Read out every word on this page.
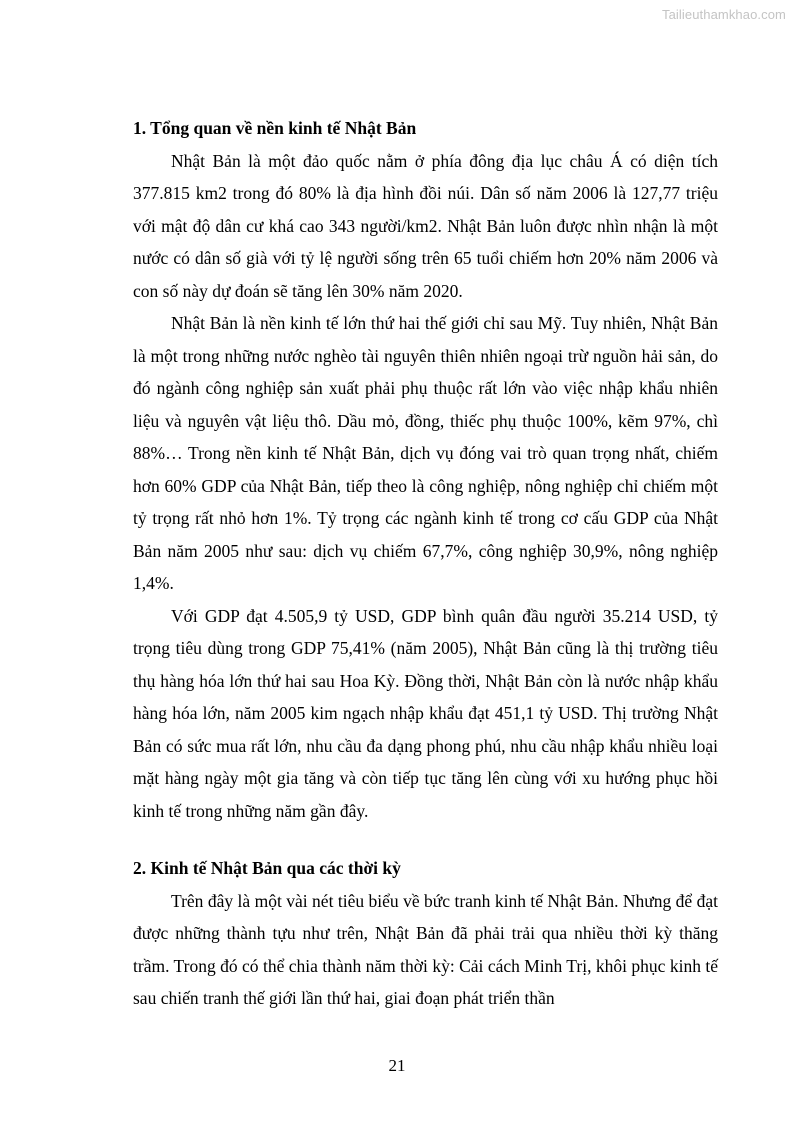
Tailieuthamkhao.com
1. Tổng quan về nền kinh tế Nhật Bản

Nhật Bản là một đảo quốc nằm ở phía đông địa lục châu Á có diện tích 377.815 km2 trong đó 80% là địa hình đồi núi. Dân số năm 2006 là 127,77 triệu với mật độ dân cư khá cao 343 người/km2. Nhật Bản luôn được nhìn nhận là một nước có dân số già với tỷ lệ người sống trên 65 tuổi chiếm hơn 20% năm 2006 và con số này dự đoán sẽ tăng lên 30% năm 2020.

Nhật Bản là nền kinh tế lớn thứ hai thế giới chỉ sau Mỹ. Tuy nhiên, Nhật Bản là một trong những nước nghèo tài nguyên thiên nhiên ngoại trừ nguồn hải sản, do đó ngành công nghiệp sản xuất phải phụ thuộc rất lớn vào việc nhập khẩu nhiên liệu và nguyên vật liệu thô. Dầu mỏ, đồng, thiếc phụ thuộc 100%, kẽm 97%, chì 88%… Trong nền kinh tế Nhật Bản, dịch vụ đóng vai trò quan trọng nhất, chiếm hơn 60% GDP của Nhật Bản, tiếp theo là công nghiệp, nông nghiệp chỉ chiếm một tỷ trọng rất nhỏ hơn 1%. Tỷ trọng các ngành kinh tế trong cơ cấu GDP của Nhật Bản năm 2005 như sau: dịch vụ chiếm 67,7%, công nghiệp 30,9%, nông nghiệp 1,4%.

Với GDP đạt 4.505,9 tỷ USD, GDP bình quân đầu người 35.214 USD, tỷ trọng tiêu dùng trong GDP 75,41% (năm 2005), Nhật Bản cũng là thị trường tiêu thụ hàng hóa lớn thứ hai sau Hoa Kỳ. Đồng thời, Nhật Bản còn là nước nhập khẩu hàng hóa lớn, năm 2005 kim ngạch nhập khẩu đạt 451,1 tỷ USD. Thị trường Nhật Bản có sức mua rất lớn, nhu cầu đa dạng phong phú, nhu cầu nhập khẩu nhiều loại mặt hàng ngày một gia tăng và còn tiếp tục tăng lên cùng với xu hướng phục hồi kinh tế trong những năm gần đây.

2. Kinh tế Nhật Bản qua các thời kỳ

Trên đây là một vài nét tiêu biểu về bức tranh kinh tế Nhật Bản. Nhưng để đạt được những thành tựu như trên, Nhật Bản đã phải trải qua nhiều thời kỳ thăng trầm. Trong đó có thể chia thành năm thời kỳ: Cải cách Minh Trị, khôi phục kinh tế sau chiến tranh thế giới lần thứ hai, giai đoạn phát triển thần

21
